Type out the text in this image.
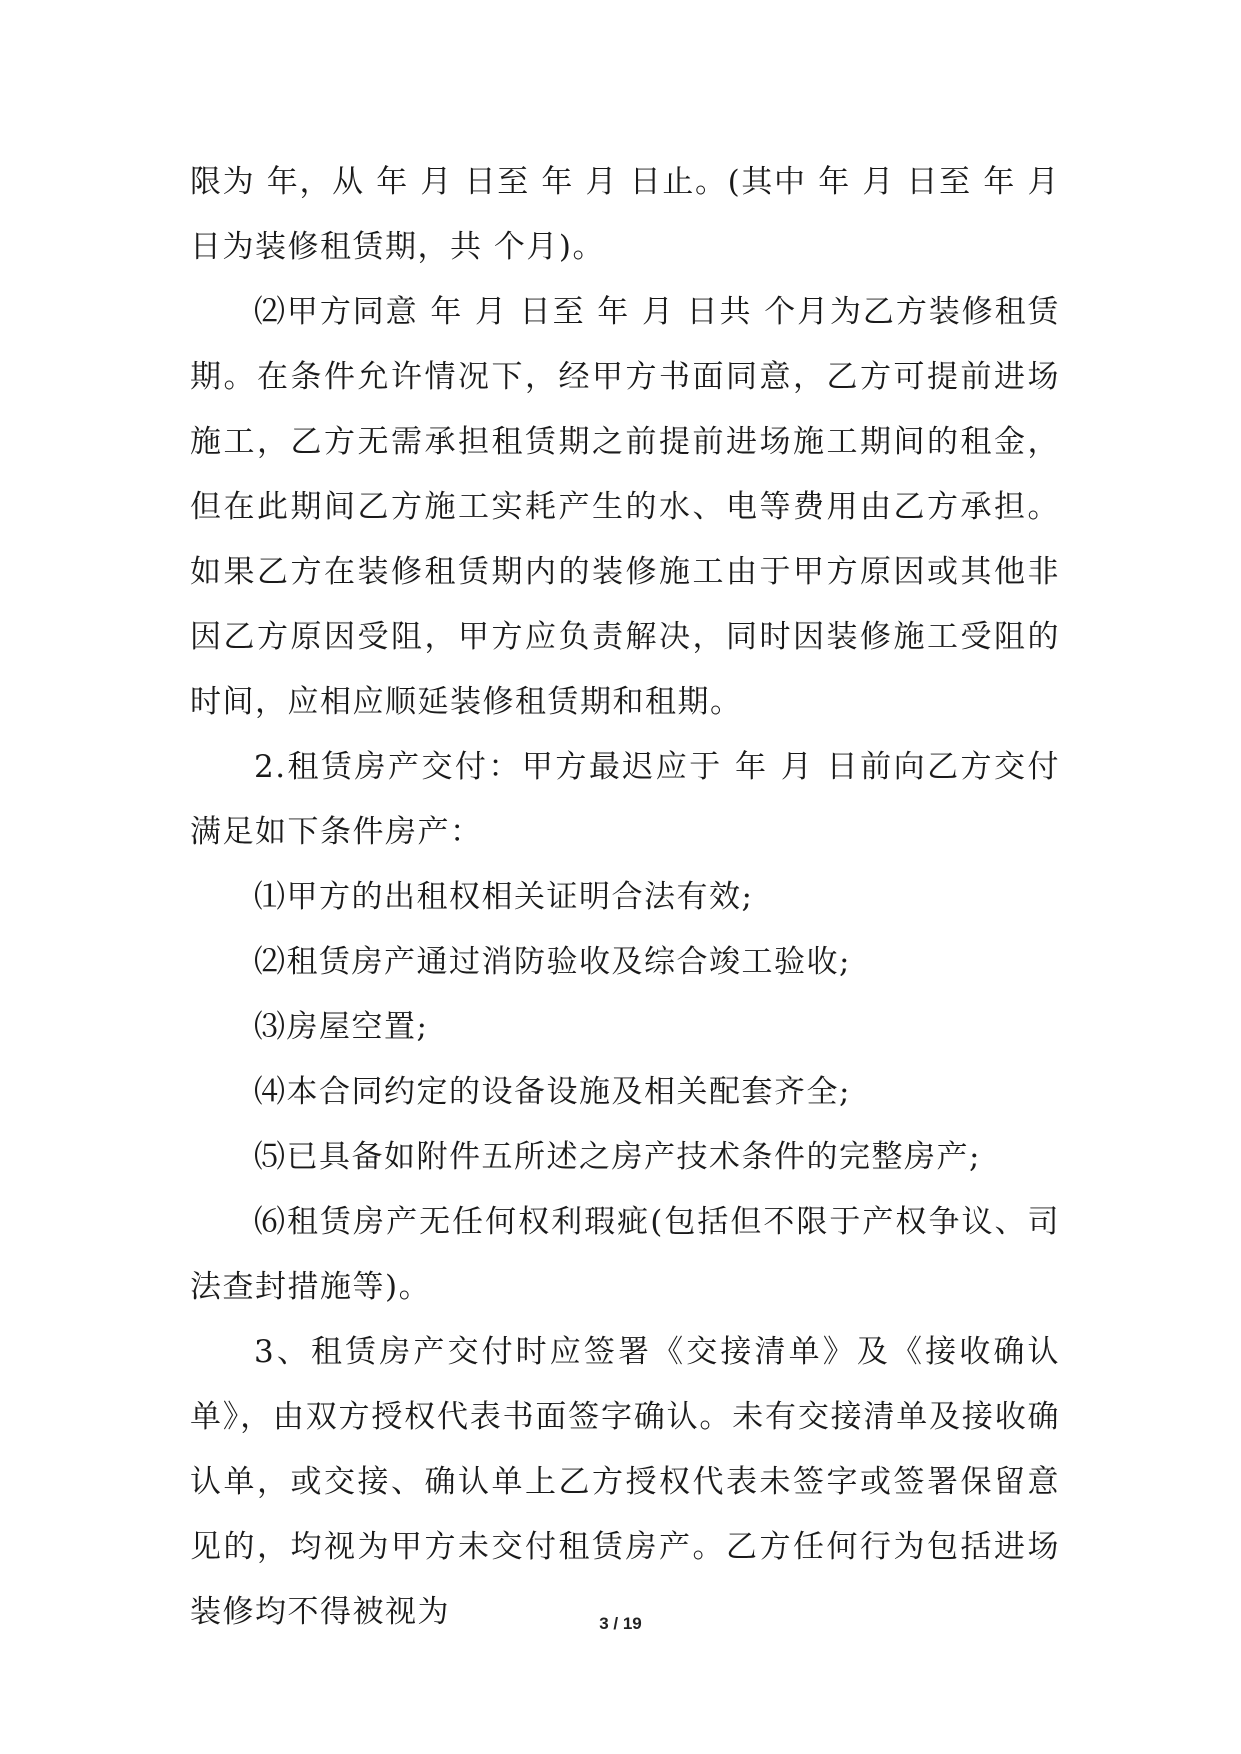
限为 年，从 年 月 日至 年 月 日止。(其中 年 月 日至 年 月日为装修租赁期，共 个月)。

⑵甲方同意 年 月 日至 年 月 日共 个月为乙方装修租赁期。在条件允许情况下，经甲方书面同意，乙方可提前进场施工，乙方无需承担租赁期之前提前进场施工期间的租金，但在此期间乙方施工实耗产生的水、电等费用由乙方承担。如果乙方在装修租赁期内的装修施工由于甲方原因或其他非因乙方原因受阻，甲方应负责解决，同时因装修施工受阻的时间，应相应顺延装修租赁期和租期。

2.租赁房产交付：甲方最迟应于 年 月 日前向乙方交付满足如下条件房产：

⑴甲方的出租权相关证明合法有效;

⑵租赁房产通过消防验收及综合竣工验收;

⑶房屋空置;

⑷本合同约定的设备设施及相关配套齐全;

⑸已具备如附件五所述之房产技术条件的完整房产;

⑹租赁房产无任何权利瑕疵(包括但不限于产权争议、司法查封措施等)。

3、租赁房产交付时应签署《交接清单》及《接收确认单》，由双方授权代表书面签字确认。未有交接清单及接收确认单，或交接、确认单上乙方授权代表未签字或签署保留意见的，均视为甲方未交付租赁房产。乙方任何行为包括进场装修均不得被视为	3 / 19
